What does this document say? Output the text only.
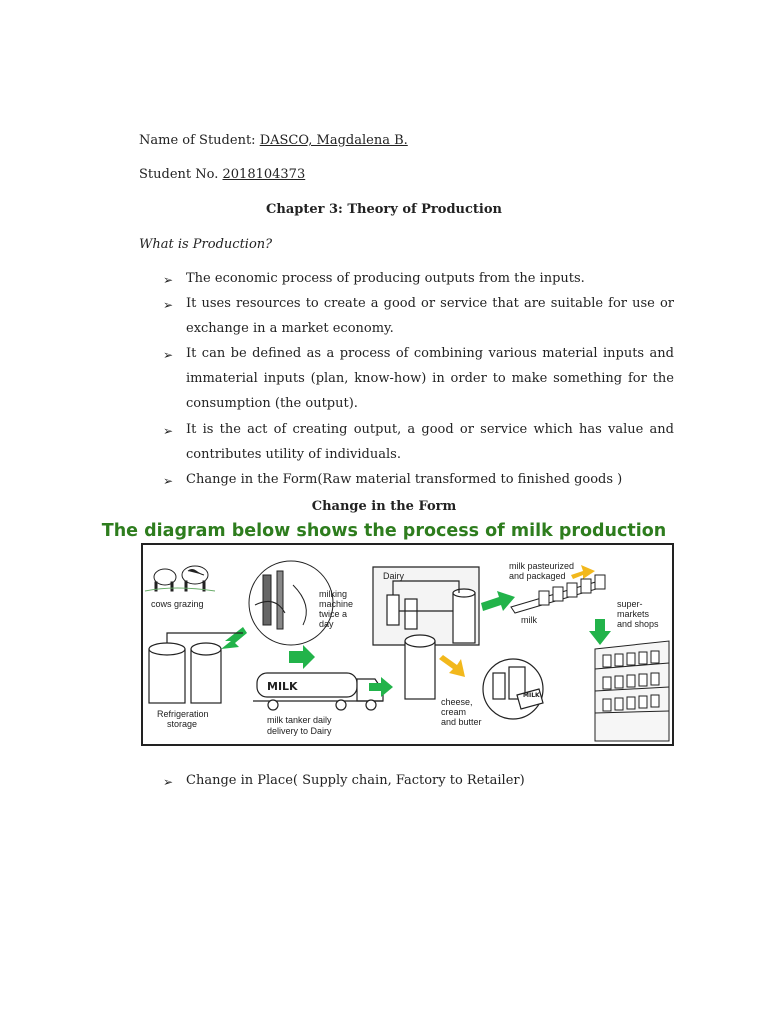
Name of Student: DASCO, Magdalena B.
Student No. 2018104373
Chapter 3: Theory of Production
What is Production?
➢ The economic process of producing outputs from the inputs.
➢ It uses resources to create a good or service that are suitable for use or exchange in a market economy.
➢ It can be defined as a process of combining various material inputs and immaterial inputs (plan, know-how) in order to make something for the consumption (the output).
➢ It is the act of creating output, a good or service which has value and contributes utility of individuals.
➢ Change in the Form(Raw material transformed to finished goods )
Change in the Form
The diagram below shows the process of milk production
cows grazing
milking
machine
twice a
day
Refrigeration
storage
MILK
milk tanker daily
delivery to Dairy
Dairy
milk
milk pasteurized
and packaged
super-
markets
and shops
MILK
cheese,
cream
and butter
➢ Change in Place( Supply chain, Factory to Retailer)
